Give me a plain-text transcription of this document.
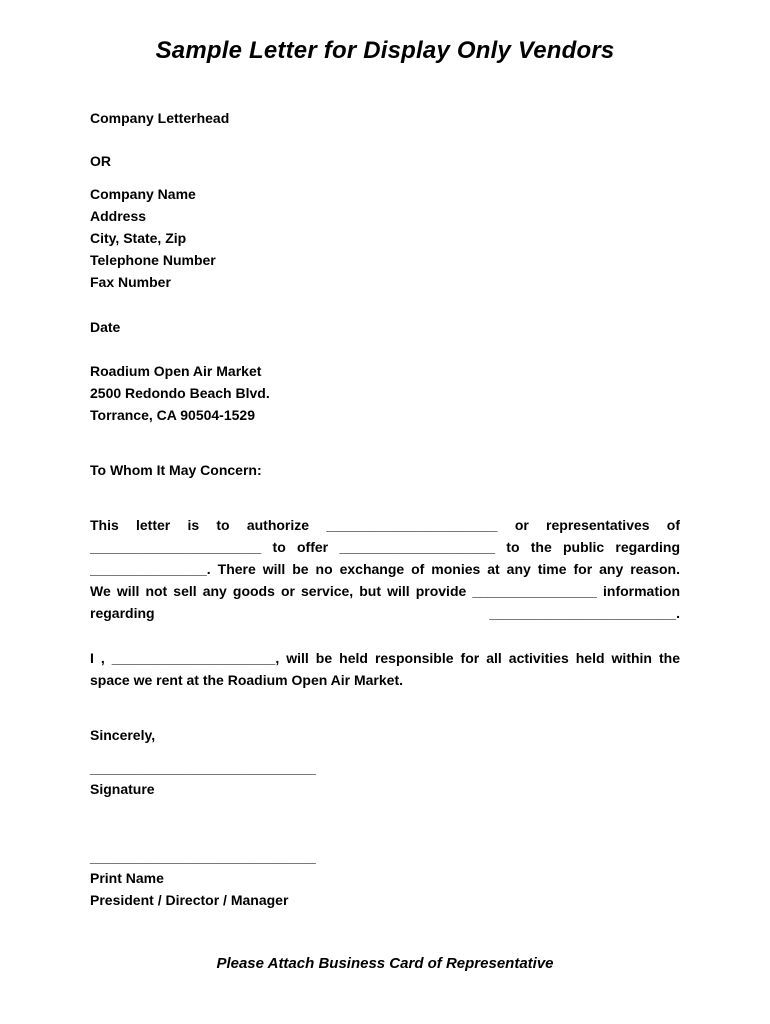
Sample Letter for Display Only Vendors
Company Letterhead
OR
Company Name
Address
City, State, Zip
Telephone Number
Fax Number
Date
Roadium Open Air Market
2500 Redondo Beach Blvd.
Torrance, CA 90504-1529
To Whom It May Concern:
This letter is to authorize ______________________ or representatives of
______________________ to offer ____________________ to the public regarding
_______________. There will be no exchange of monies at any time for any reason.
We will not sell any goods or service, but will provide ________________ information
regarding ________________________.
I , _____________________, will be held responsible for all activities held within the
space we rent at the Roadium Open Air Market.
Sincerely,
_____________________________
Signature
_____________________________
Print Name
President / Director / Manager
Please Attach Business Card of Representative
